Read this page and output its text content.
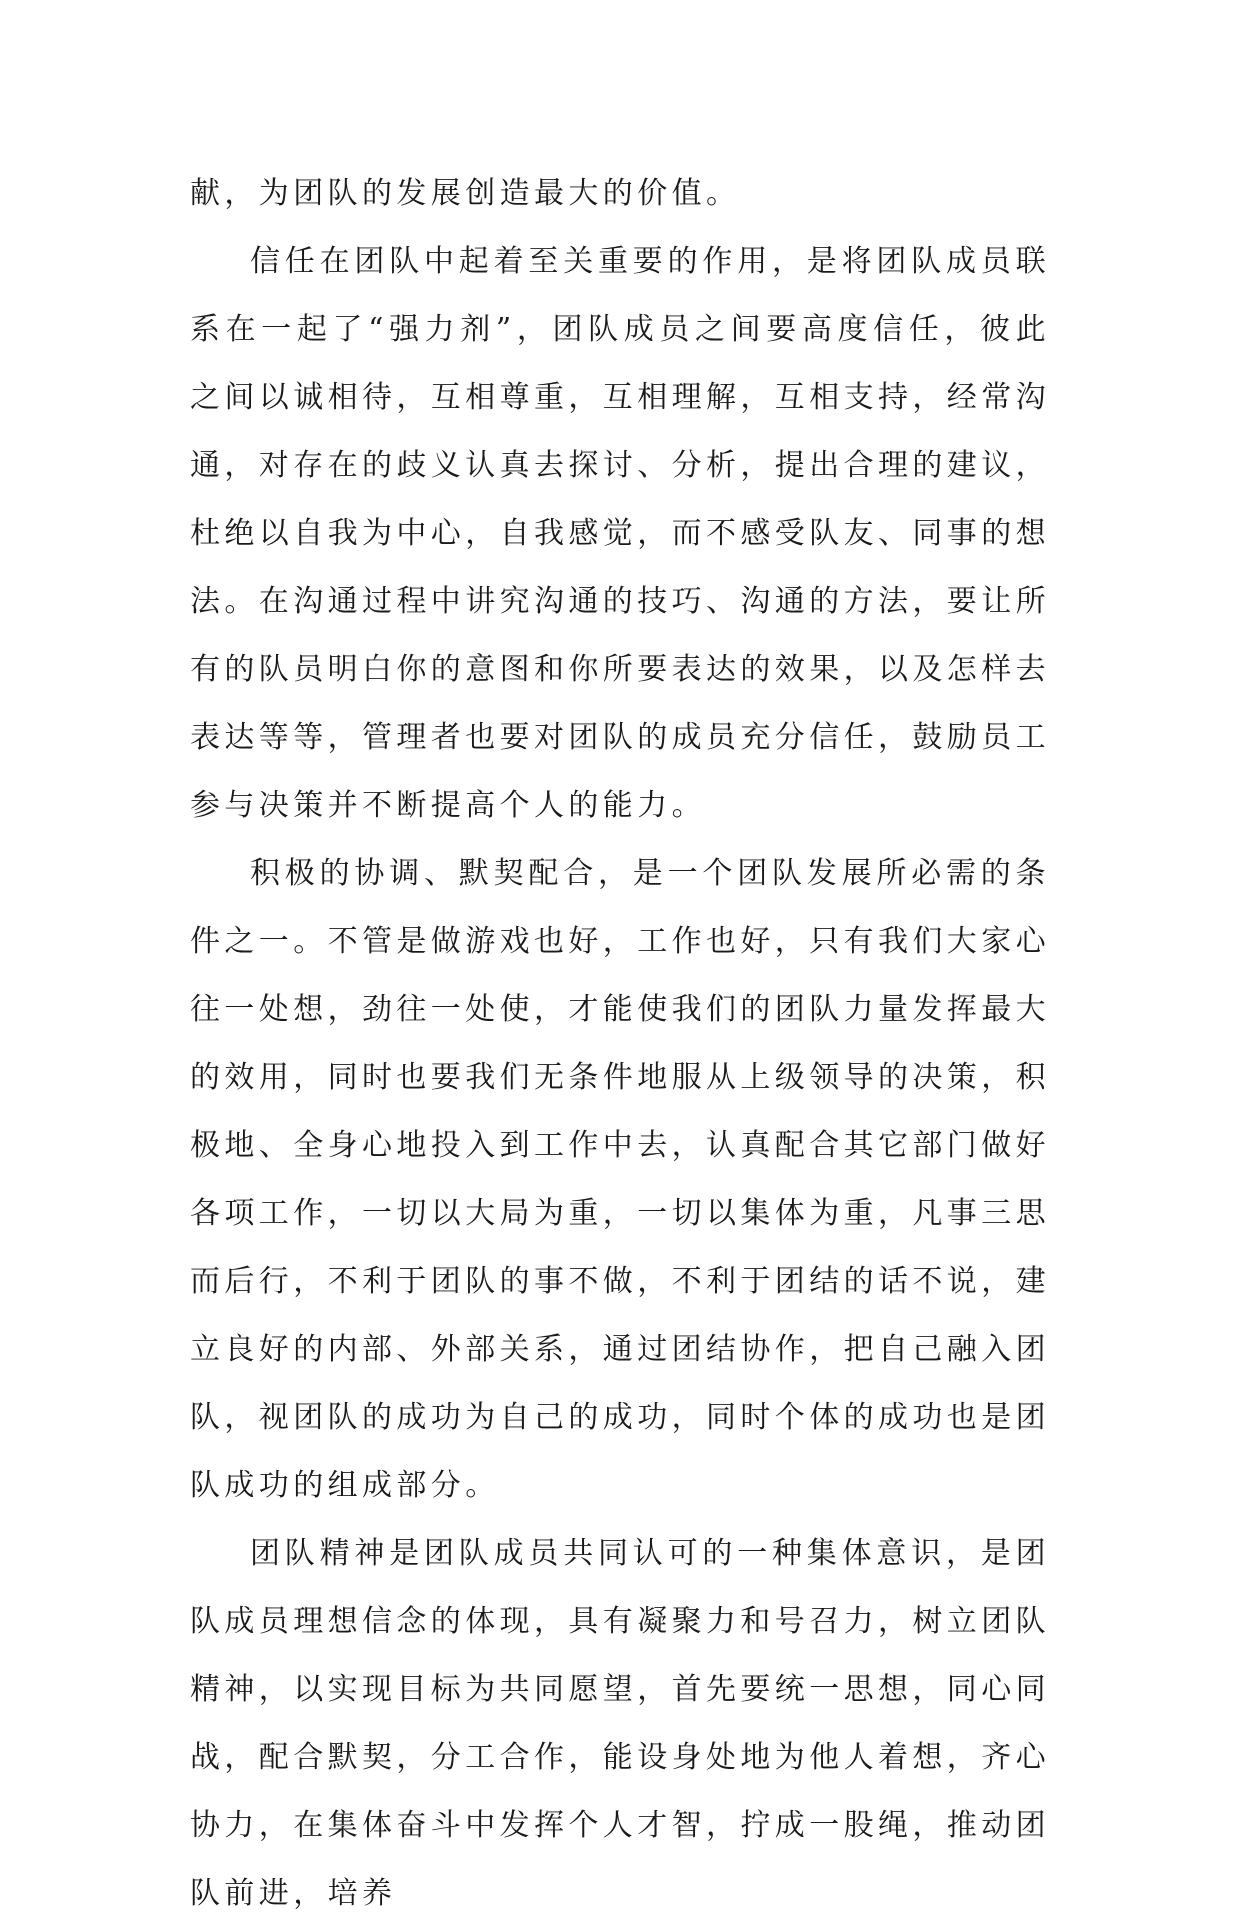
献，为团队的发展创造最大的价值。

信任在团队中起着至关重要的作用，是将团队成员联系在一起了“强力剂”，团队成员之间要高度信任，彼此之间以诚相待，互相尊重，互相理解，互相支持，经常沟通，对存在的歧义认真去探讨、分析，提出合理的建议，杜绝以自我为中心，自我感觉，而不感受队友、同事的想法。在沟通过程中讲究沟通的技巧、沟通的方法，要让所有的队员明白你的意图和你所要表达的效果，以及怎样去表达等等，管理者也要对团队的成员充分信任，鼓励员工参与决策并不断提高个人的能力。

积极的协调、默契配合，是一个团队发展所必需的条件之一。不管是做游戏也好，工作也好，只有我们大家心往一处想，劲往一处使，才能使我们的团队力量发挥最大的效用，同时也要我们无条件地服从上级领导的决策，积极地、全身心地投入到工作中去，认真配合其它部门做好各项工作，一切以大局为重，一切以集体为重，凡事三思而后行，不利于团队的事不做，不利于团结的话不说，建立良好的内部、外部关系，通过团结协作，把自己融入团队，视团队的成功为自己的成功，同时个体的成功也是团队成功的组成部分。

团队精神是团队成员共同认可的一种集体意识，是团队成员理想信念的体现，具有凝聚力和号召力，树立团队精神，以实现目标为共同愿望，首先要统一思想，同心同战，配合默契，分工合作，能设身处地为他人着想，齐心协力，在集体奋斗中发挥个人才智，拧成一股绳，推动团队前进，培养
